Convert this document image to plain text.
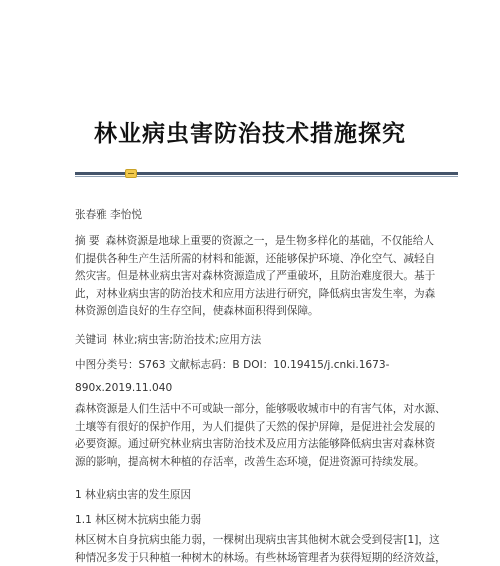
林业病虫害防治技术措施探究

张春雅 李怡悦

摘 要 森林资源是地球上重要的资源之一，是生物多样化的基础，不仅能给人
们提供各种生产生活所需的材料和能源，还能够保护环境、净化空气、减轻自
然灾害。但是林业病虫害对森林资源造成了严重破坏，且防治难度很大。基于
此，对林业病虫害的防治技术和应用方法进行研究，降低病虫害发生率，为森
林资源创造良好的生存空间，使森林面积得到保障。
关键词 林业;病虫害;防治技术;应用方法
中图分类号：S763 文献标志码：B DOI：10.19415/j.cnki.1673-
890x.2019.11.040
森林资源是人们生活中不可或缺一部分，能够吸收城市中的有害气体，对水源、
土壤等有很好的保护作用，为人们提供了天然的保护屏障，是促进社会发展的
必要资源。通过研究林业病虫害防治技术及应用方法能够降低病虫害对森林资
源的影响，提高树木种植的存活率，改善生态环境，促进资源可持续发展。
1 林业病虫害的发生原因
1.1 林区树木抗病虫能力弱
林区树木自身抗病虫能力弱，一棵树出现病虫害其他树木就会受到侵害[1]，这
种情况多发于只种植一种树木的林场。有些林场管理者为获得短期的经济效益，
